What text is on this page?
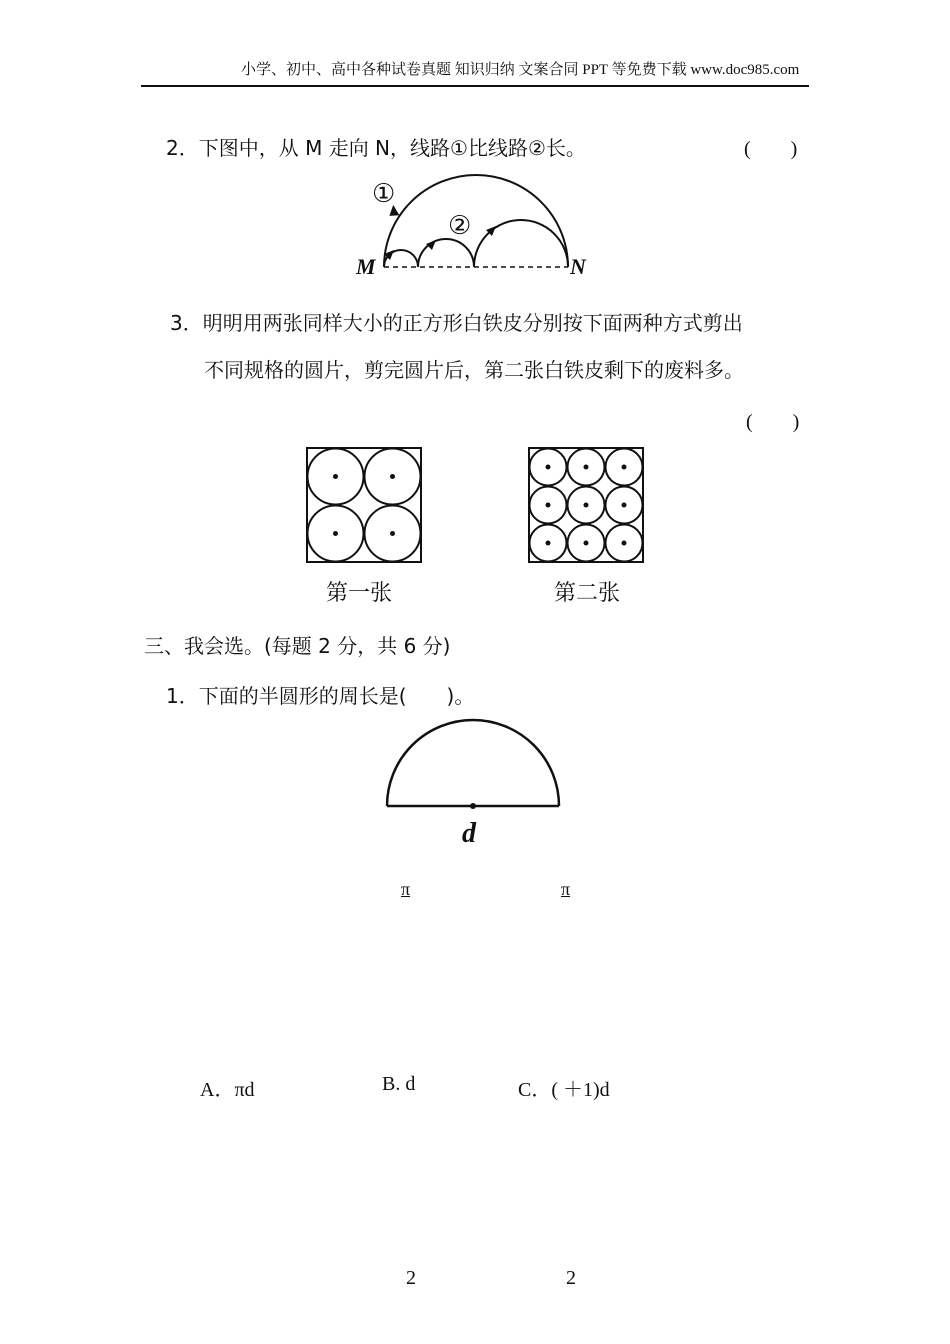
小学、初中、高中各种试卷真题 知识归纳 文案合同 PPT 等免费下载 www.doc985.com
2．下图中，从 M 走向 N，线路①比线路②长。	(　　)
①
②
M	N
3．明明用两张同样大小的正方形白铁皮分别按下面两种方式剪出
不同规格的圆片，剪完圆片后，第二张白铁皮剩下的废料多。
(　　)
第一张	第二张
三、我会选。(每题 2 分，共 6 分)
1．下面的半圆形的周长是(　　)。
d
π	π
A．πd	B. d	C．( ＋1)d
2	2
